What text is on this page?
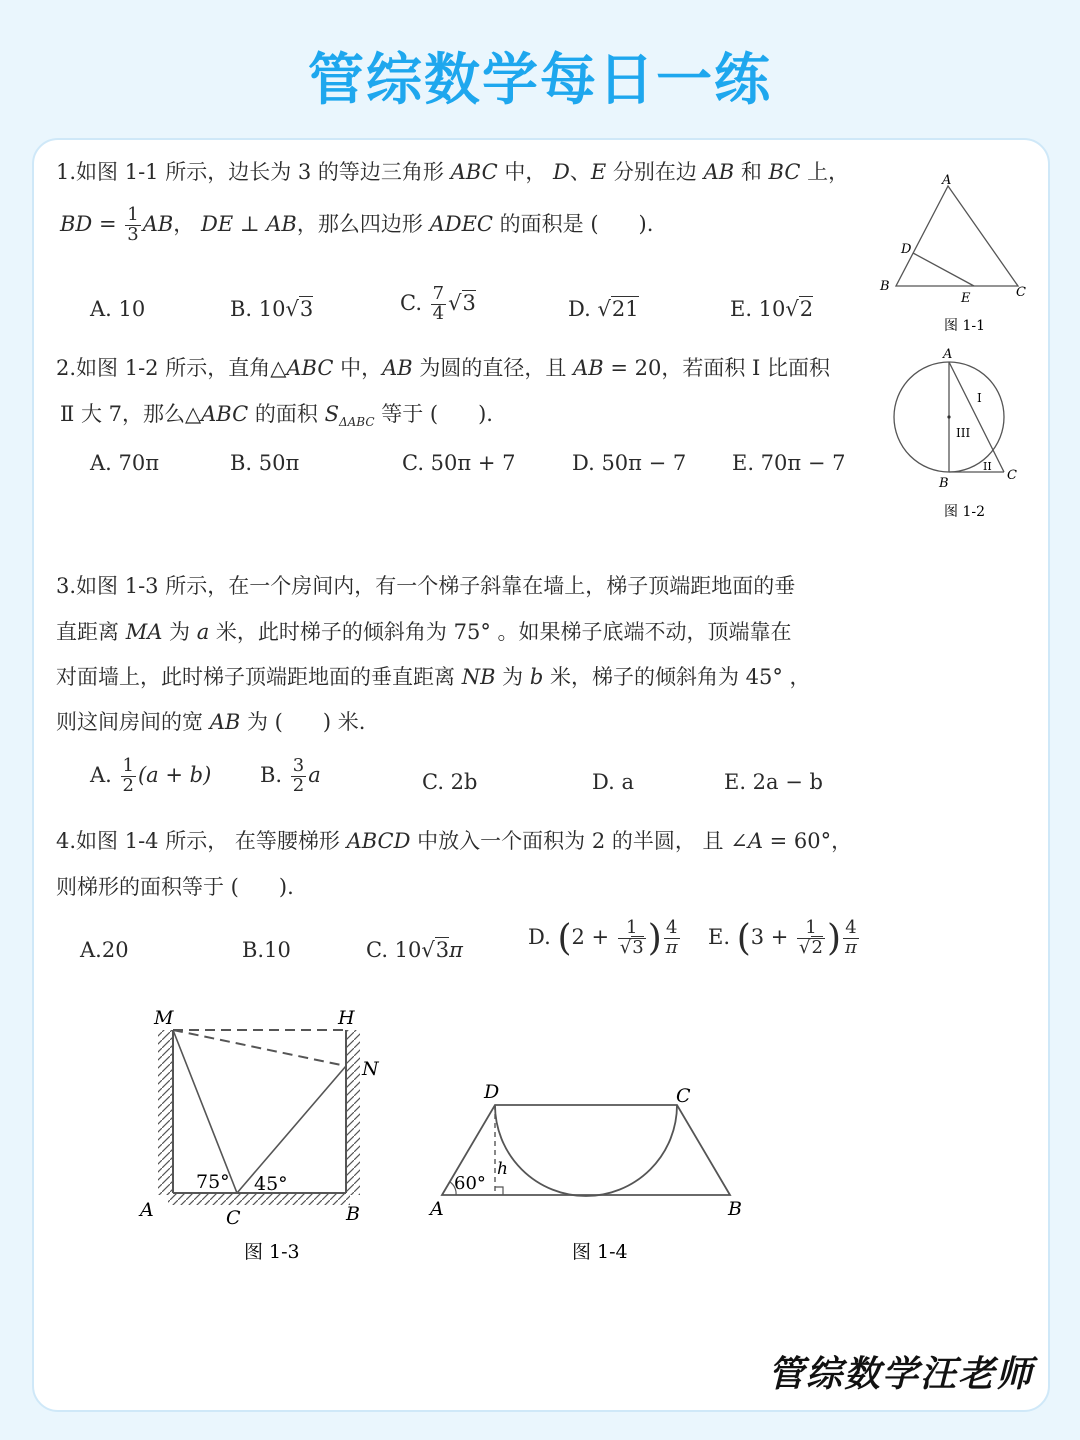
管综数学每日一练
1.如图 1-1 所示，边长为 3 的等边三角形 ABC 中， D、E 分别在边 AB 和 BC 上，
BD = $\frac{1}{3}$ AB， DE ⊥ AB，那么四边形 ADEC 的面积是 ( ).
A. 10	B. 10√3	C. $\frac{7}{4} √3$	D. √21	E. 10√2
A
B	C
D
E
图 1-1
2.如图 1-2 所示，直角△ABC 中，AB 为圆的直径，且 AB = 20，若面积 Ⅰ 比面积
Ⅱ 大 7，那么△ABC 的面积 $S_{\Delta ABC}$ 等于 ( ).
A. 70π	B. 50π	C. 50π + 7	D. 50π − 7 E. 70π − 7
A
B
C
I
III
II
图 1-2
3.如图 1-3 所示，在一个房间内，有一个梯子斜靠在墙上，梯子顶端距地面的垂
直距离 MA 为 a 米，此时梯子的倾斜角为 75° 。如果梯子底端不动，顶端靠在
对面墙上，此时梯子顶端距地面的垂直距离 NB 为 b 米，梯子的倾斜角为 45° ，
则这间房间的宽 AB 为 ( ) 米.
A. $\frac{1}{2} (a + b)$ B. $\frac{3}{2}$ a	C. 2b	D. a	E. 2a − b
4.如图 1-4 所示， 在等腰梯形 ABCD 中放入一个面积为 2 的半圆， 且 ∠A = 60°，
则梯形的面积等于 ( ).
A.20	B.10	C. 10√3π
D. ($2 + \frac{1}{√3}$ ) $\frac{4}{\pi} E$. ($3 + \frac{1}{√2}$ ) $\frac{4}{\pi}$
M	H
N
A	C	B
75° 45°
图 1-3
D	C
A	B
h
60°
图 1-4
管综数学汪老师
